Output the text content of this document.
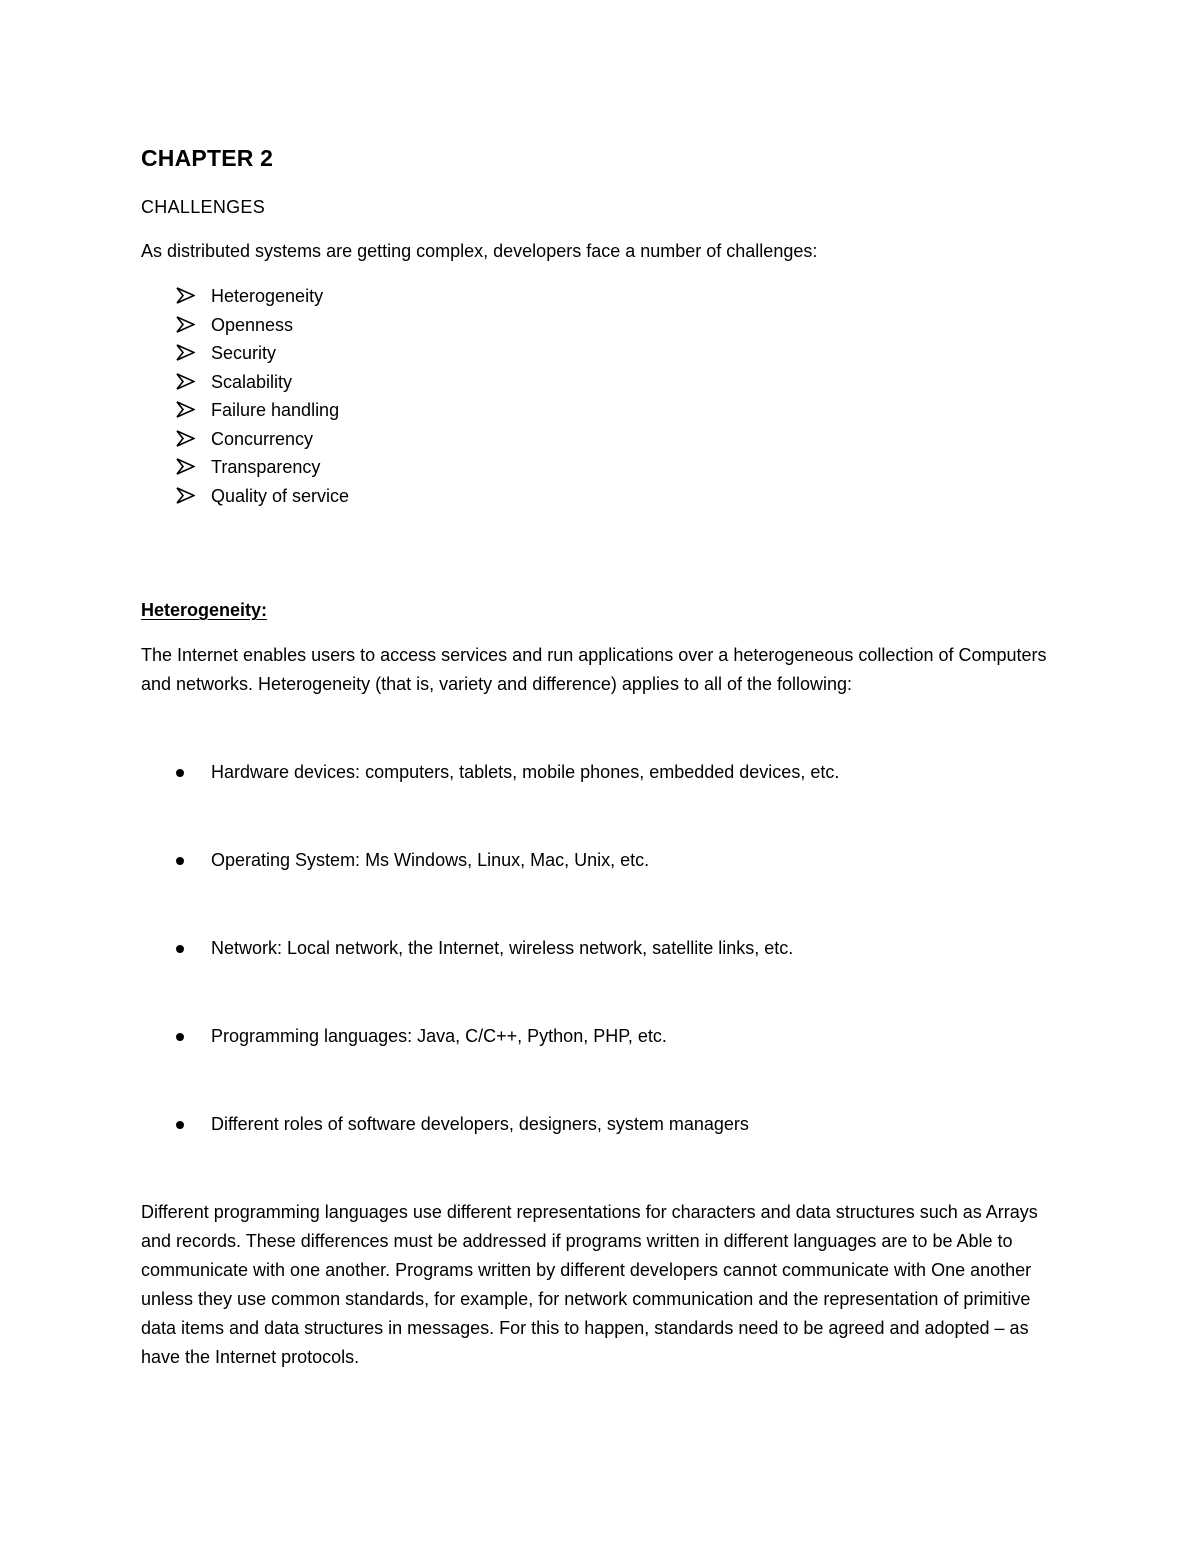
CHAPTER 2
CHALLENGES
As distributed systems are getting complex, developers face a number of challenges:
Heterogeneity
Openness
Security
Scalability
Failure handling
Concurrency
Transparency
Quality of service
Heterogeneity:

The Internet enables users to access services and run applications over a heterogeneous collection of Computers and networks. Heterogeneity (that is, variety and difference) applies to all of the following:

Hardware devices: computers, tablets, mobile phones, embedded devices, etc.
Operating System: Ms Windows, Linux, Mac, Unix, etc.
Network: Local network, the Internet, wireless network, satellite links, etc.
Programming languages: Java, C/C++, Python, PHP, etc.
Different roles of software developers, designers, system managers

Different programming languages use different representations for characters and data structures such as Arrays and records. These differences must be addressed if programs written in different languages are to be Able to communicate with one another. Programs written by different developers cannot communicate with One another unless they use common standards, for example, for network communication and the representation of primitive data items and data structures in messages. For this to happen, standards need to be agreed and adopted – as have the Internet protocols.
